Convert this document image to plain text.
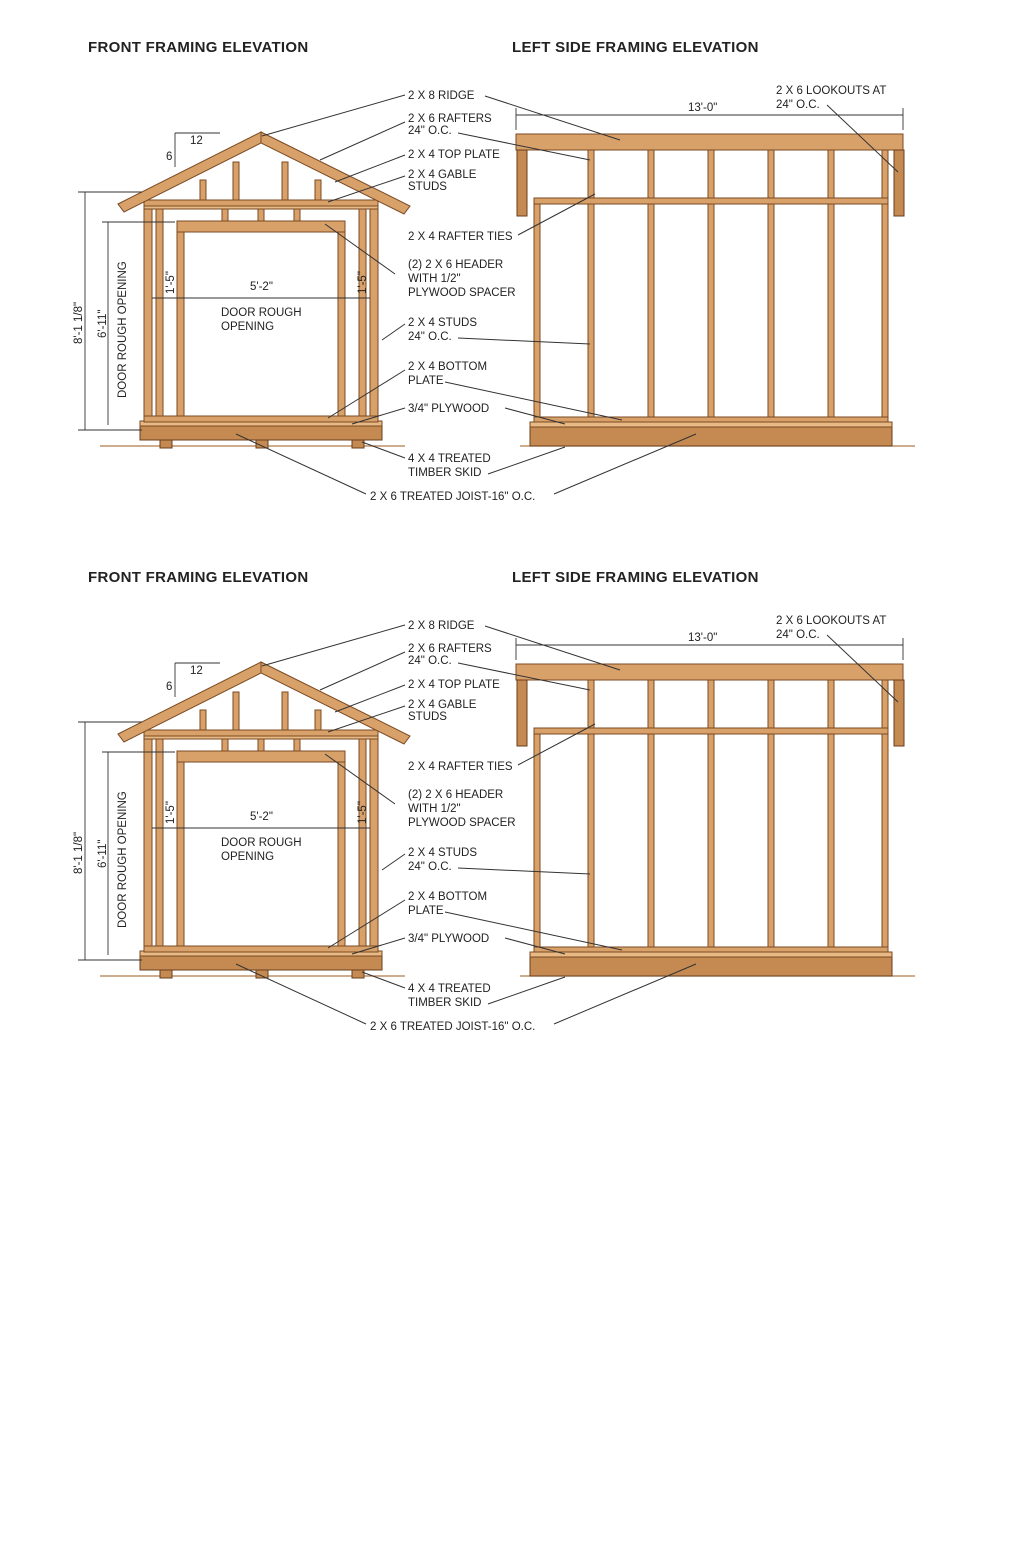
FRONT FRAMING ELEVATION	LEFT SIDE FRAMING ELEVATION
12
6
8'-1 1/8" 6'-11" DOOR ROUGH OPENING	5'-2"
1'-5"	1'-5"
DOOR ROUGH
OPENING
13'-0"
2 X 8 RIDGE
2 X 6 RAFTERS
24" O.C.
2 X 4 TOP PLATE
2 X 4 GABLE
STUDS
2 X 4 RAFTER TIES
(2) 2 X 6 HEADER
WITH 1/2"
PLYWOOD SPACER
2 X 4 STUDS
24" O.C.
2 X 4 BOTTOM
PLATE
3/4" PLYWOOD
4 X 4 TREATED
TIMBER SKID
2 X 6 TREATED JOIST-16" O.C.
2 X 6 LOOKOUTS AT
24" O.C.
FRONT FRAMING ELEVATION	LEFT SIDE FRAMING ELEVATION
12
6
8'-1 1/8" 6'-11" DOOR ROUGH OPENING	5'-2"
1'-5"	1'-5"
DOOR ROUGH
OPENING
13'-0"
2 X 8 RIDGE
2 X 6 RAFTERS
24" O.C.
2 X 4 TOP PLATE
2 X 4 GABLE
STUDS
2 X 4 RAFTER TIES
(2) 2 X 6 HEADER
WITH 1/2"
PLYWOOD SPACER
2 X 4 STUDS
24" O.C.
2 X 4 BOTTOM
PLATE
3/4" PLYWOOD
4 X 4 TREATED
TIMBER SKID
2 X 6 TREATED JOIST-16" O.C.
2 X 6 LOOKOUTS AT
24" O.C.
